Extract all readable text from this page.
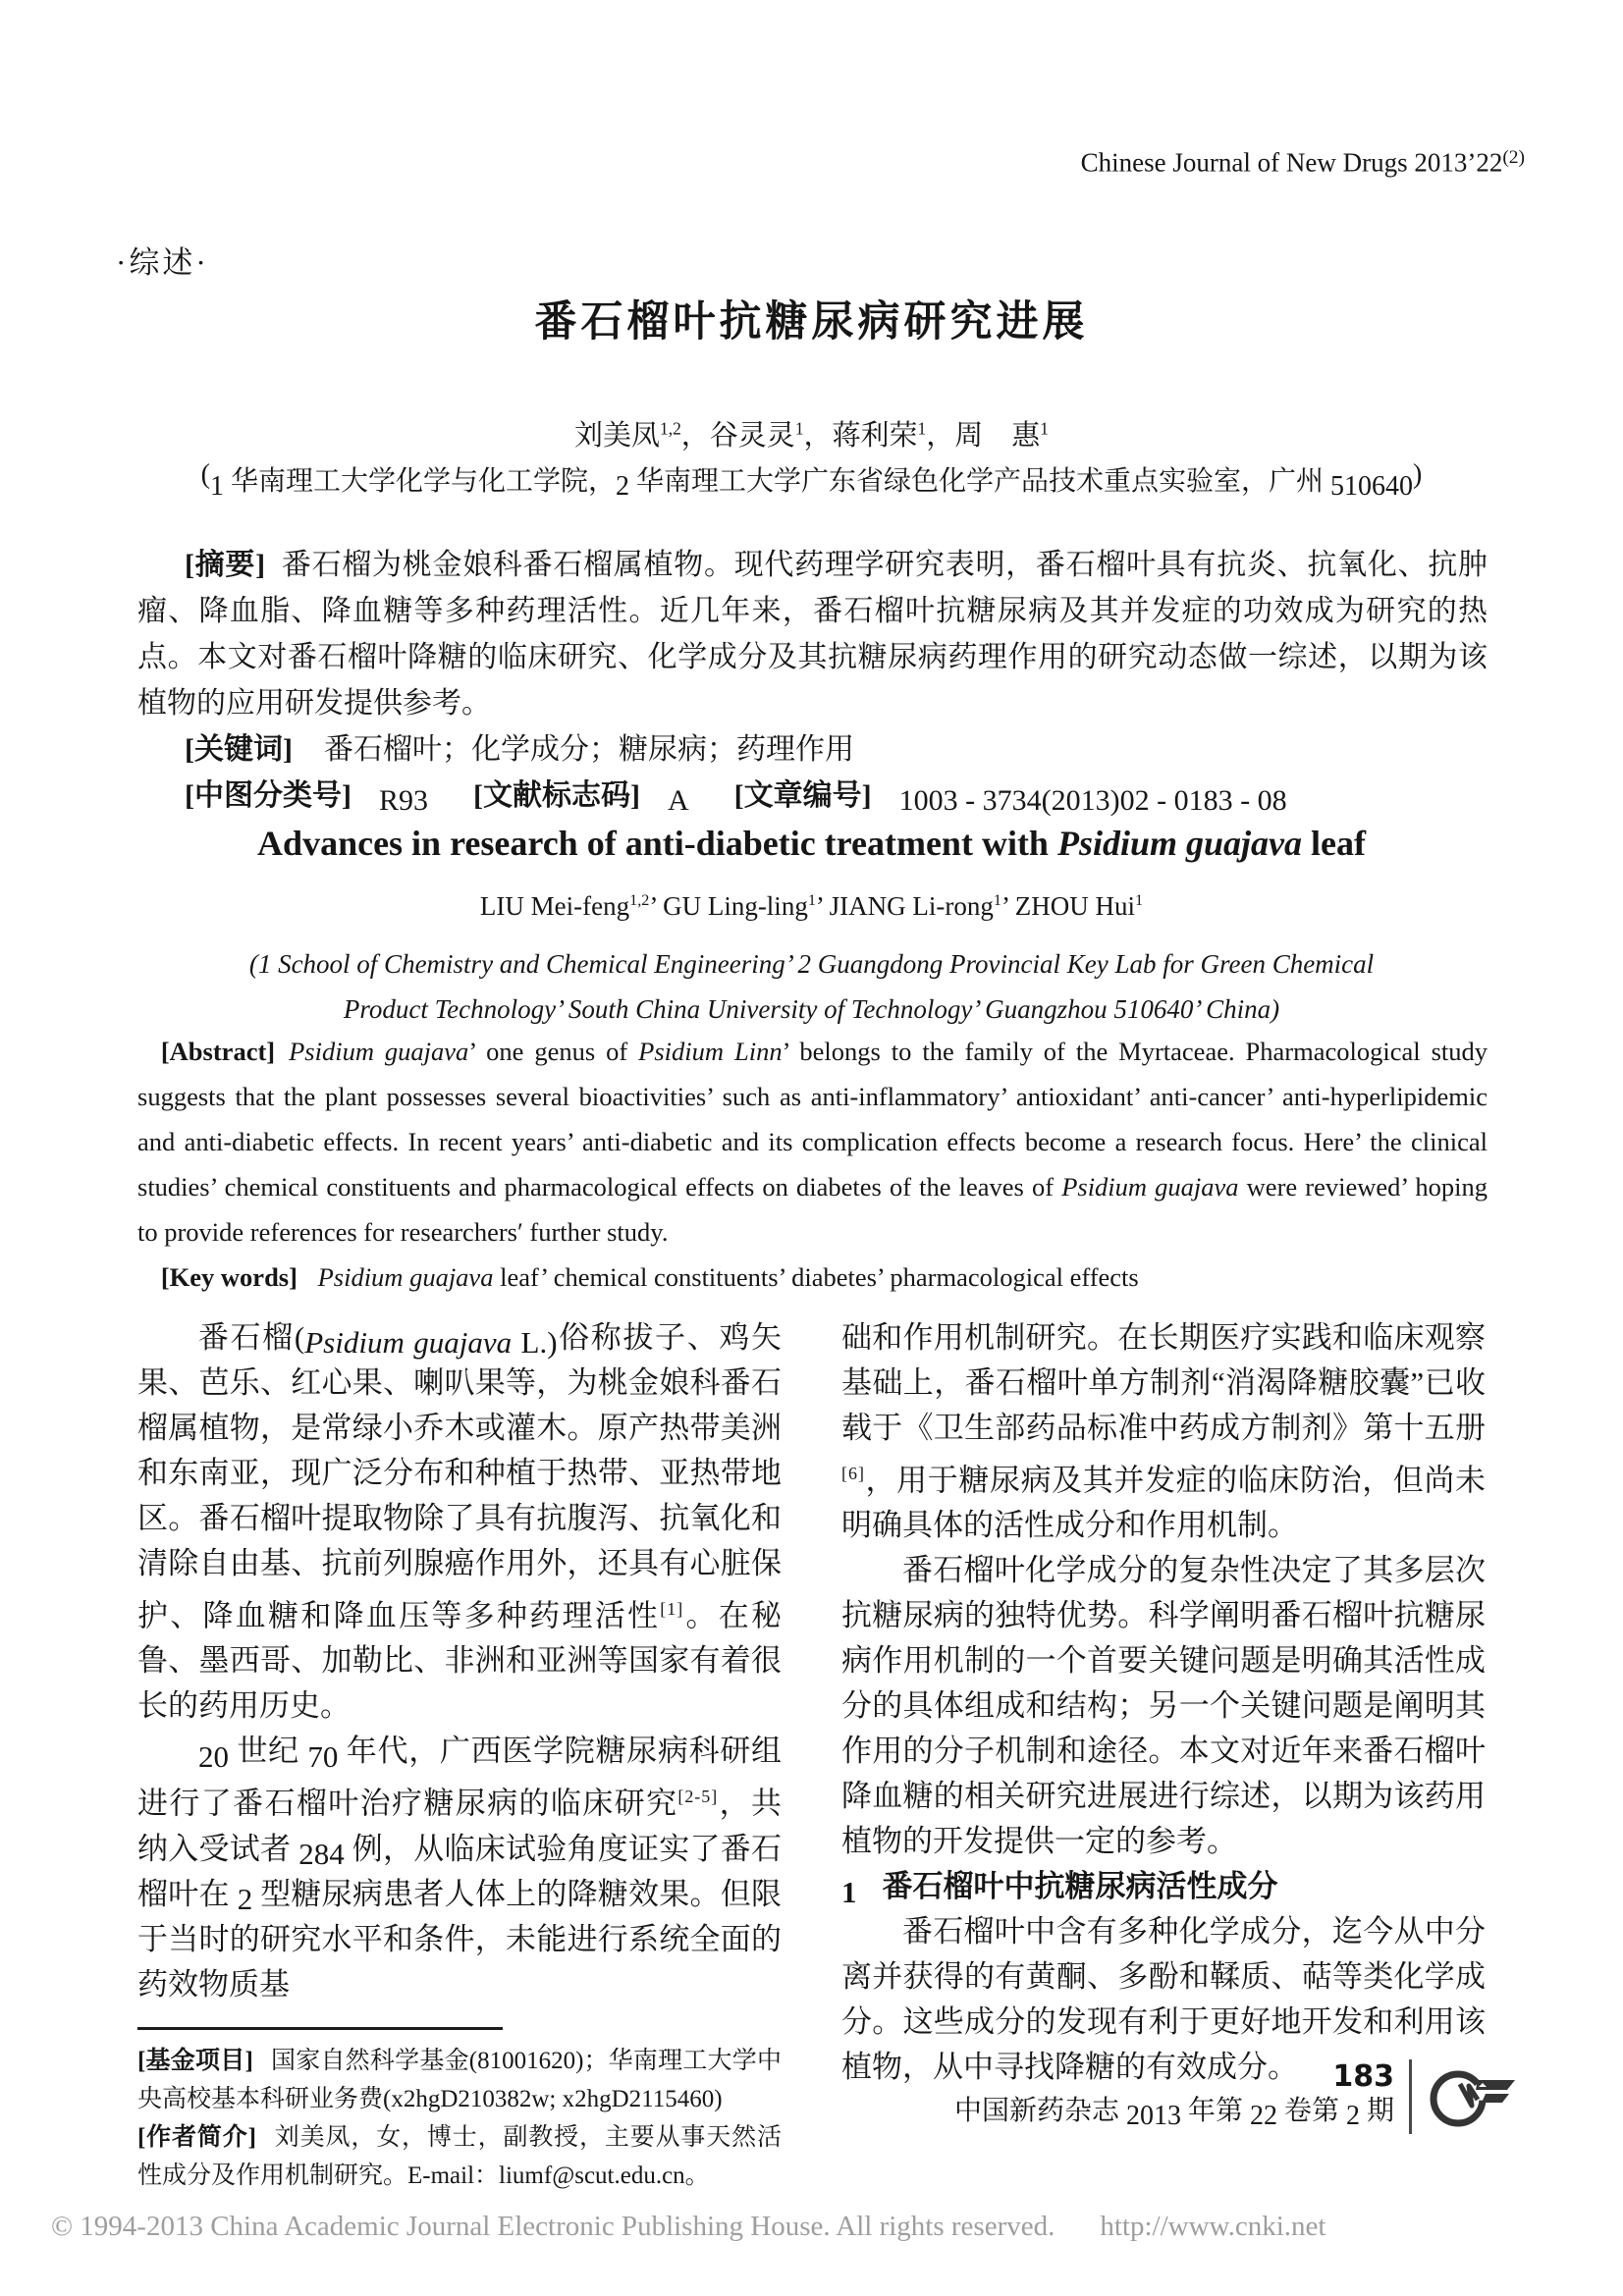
Chinese Journal of New Drugs $2013’22^{(2)}$
·综述·
番石榴叶抗糖尿病研究进展
刘美凤$^{1,2}$，谷灵灵$^1$，蒋利荣$^1$，周　惠$^1$
(1 华南理工大学化学与化工学院，2 华南理工大学广东省绿色化学产品技术重点实验室，广州 510640)

[摘要] 番石榴为桃金娘科番石榴属植物。现代药理学研究表明，番石榴叶具有抗炎、抗氧化、抗肿瘤、降血脂、降血糖等多种药理活性。近几年来，番石榴叶抗糖尿病及其并发症的功效成为研究的热点。本文对番石榴叶降糖的临床研究、化学成分及其抗糖尿病药理作用的研究动态做一综述，以期为该植物的应用研发提供参考。

[关键词] 番石榴叶；化学成分；糖尿病；药理作用

[中图分类号] R93 [文献标志码] A [文章编号] 1003 - 3734(2013)02 - 0183 - 08

Advances in research of anti-diabetic treatment with Psidium guajava leaf
LIU Mei-feng$^{1,2}$’ GU Ling-ling$^1$’ JIANG Li-rong$^1$’ ZHOU Hui$^1$
(1 School of Chemistry and Chemical Engineering’ 2 Guangdong Provincial Key Lab for Green Chemical
Product Technology’ South China University of Technology’ Guangzhou 510640’ China)

[Abstract] Psidium guajava’ one genus of Psidium Linn’ belongs to the family of the Myrtaceae. Pharmacological study suggests that the plant possesses several bioactivities’ such as anti-inflammatory’ antioxidant’ anti-cancer’ anti-hyperlipidemic and anti-diabetic effects. In recent years’ anti-diabetic and its complication effects become a research focus. Here’ the clinical studies’ chemical constituents and pharmacological effects on diabetes of the leaves of Psidium guajava were reviewed’ hoping to provide references for researchers′ further study.

[Key words] Psidium guajava leaf’ chemical constituents’ diabetes’ pharmacological effects

番石榴(Psidium guajava L.)俗称拔子、鸡矢果、芭乐、红心果、喇叭果等，为桃金娘科番石榴属植物，是常绿小乔木或灌木。原产热带美洲和东南亚，现广泛分布和种植于热带、亚热带地区。番石榴叶提取物除了具有抗腹泻、抗氧化和清除自由基、抗前列腺癌作用外，还具有心脏保护、降血糖和降血压等多种药理活性[1]。在秘鲁、墨西哥、加勒比、非洲和亚洲等国家有着很长的药用历史。

20 世纪 70 年代，广西医学院糖尿病科研组进行了番石榴叶治疗糖尿病的临床研究[2-5]，共纳入受试者 284 例，从临床试验角度证实了番石榴叶在 2 型糖尿病患者人体上的降糖效果。但限于当时的研究水平和条件，未能进行系统全面的药效物质基

[基金项目] 国家自然科学基金(81001620)；华南理工大学中央高校基本科研业务费(x2hgD210382w; x2hgD2115460)

[作者简介] 刘美凤，女，博士，副教授，主要从事天然活性成分及作用机制研究。E-mail：liumf@scut.edu.cn。

础和作用机制研究。在长期医疗实践和临床观察基础上，番石榴叶单方制剂“消渴降糖胶囊”已收载于《卫生部药品标准中药成方制剂》第十五册[6]，用于糖尿病及其并发症的临床防治，但尚未明确具体的活性成分和作用机制。

番石榴叶化学成分的复杂性决定了其多层次抗糖尿病的独特优势。科学阐明番石榴叶抗糖尿病作用机制的一个首要关键问题是明确其活性成分的具体组成和结构；另一个关键问题是阐明其作用的分子机制和途径。本文对近年来番石榴叶降血糖的相关研究进展进行综述，以期为该药用植物的开发提供一定的参考。

1 番石榴叶中抗糖尿病活性成分

番石榴叶中含有多种化学成分，迄今从中分离并获得的有黄酮、多酚和鞣质、萜等类化学成分。这些成分的发现有利于更好地开发和利用该植物，从中寻找降糖的有效成分。	183
中国新药杂志 2013 年第 22 卷第 2 期
© 1994-2013 China Academic Journal Electronic Publishing House. All rights reserved. http://www.cnki.net
